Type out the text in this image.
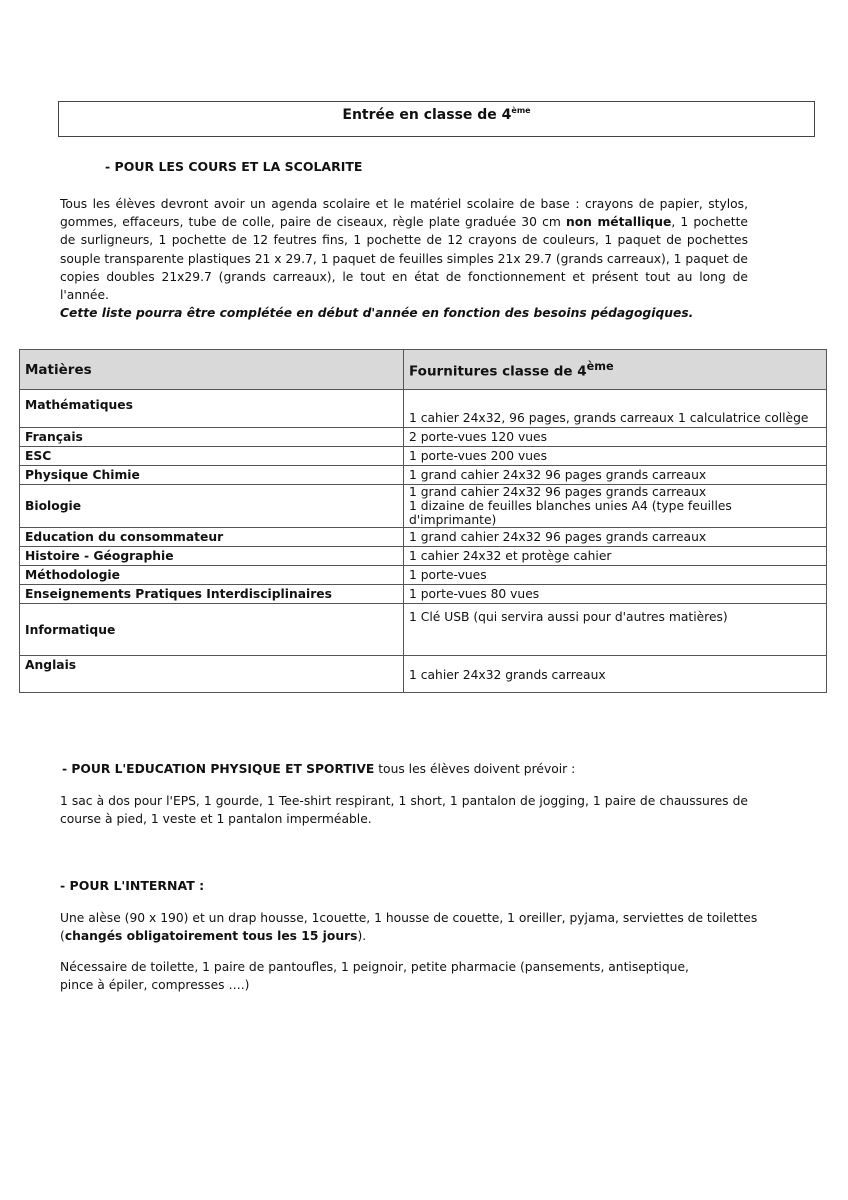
Entrée en classe de 4ème
- POUR LES COURS ET LA SCOLARITE
Tous les élèves devront avoir un agenda scolaire et le matériel scolaire de base : crayons de papier, stylos,
gommes, effaceurs, tube de colle, paire de ciseaux, règle plate graduée 30 cm non métallique, 1 pochette
de surligneurs, 1 pochette de 12 feutres fins, 1 pochette de 12 crayons de couleurs, 1 paquet de pochettes
souple transparente plastiques 21 x 29.7, 1 paquet de feuilles simples 21x 29.7 (grands carreaux), 1 paquet de
copies doubles 21x29.7 (grands carreaux), le tout en état de fonctionnement et présent tout au long de l'année.
Cette liste pourra être complétée en début d'année en fonction des besoins pédagogiques.
Matières	Fournitures classe de 4ème
Mathématiques	1 cahier 24x32, 96 pages, grands carreaux 1 calculatrice collège
Français	2 porte-vues 120 vues
ESC	1 porte-vues 200 vues
Physique Chimie	1 grand cahier 24x32 96 pages grands carreaux
Biologie	1 grand cahier 24x32 96 pages grands carreaux
1 dizaine de feuilles blanches unies A4 (type feuilles d'imprimante)

Education du consommateur	1 grand cahier 24x32 96 pages grands carreaux
Histoire - Géographie	1 cahier 24x32 et protège cahier
Méthodologie	1 porte-vues
Enseignements Pratiques Interdisciplinaires	1 porte-vues 80 vues
Informatique	1 Clé USB (qui servira aussi pour d'autres matières)
Anglais	1 cahier 24x32 grands carreaux
- POUR L'EDUCATION PHYSIQUE ET SPORTIVE tous les élèves doivent prévoir :
1 sac à dos pour l'EPS, 1 gourde, 1 Tee-shirt respirant, 1 short, 1 pantalon de jogging, 1 paire de chaussures de
course à pied, 1 veste et 1 pantalon imperméable.
- POUR L'INTERNAT :
Une alèse (90 x 190) et un drap housse, 1couette, 1 housse de couette, 1 oreiller, pyjama, serviettes de toilettes
(changés obligatoirement tous les 15 jours).
Nécessaire de toilette, 1 paire de pantoufles, 1 peignoir, petite pharmacie (pansements, antiseptique,
pince à épiler, compresses ….)
